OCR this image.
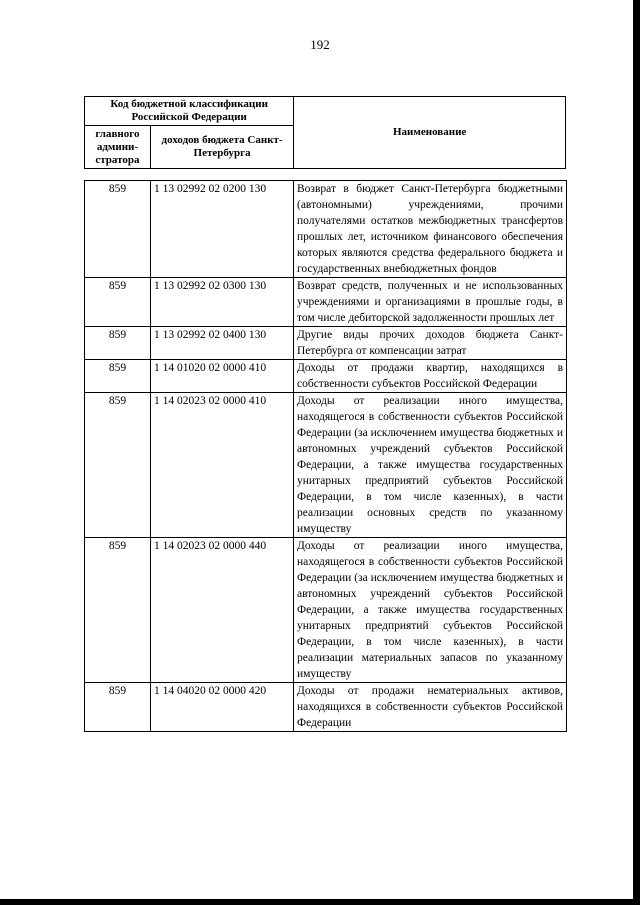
192
Код бюджетной классификации Российской Федерации		Наименование
главного админи-стратора	доходов бюджета Санкт-Петербурга	
859	1 13 02992 02 0200 130	Возврат в бюджет Санкт-Петербурга бюджетными (автономными) учреждениями, прочими получателями остатков межбюджетных трансфертов прошлых лет, источником финансового обеспечения которых являются средства федерального бюджета и государственных внебюджетных фондов
859	1 13 02992 02 0300 130	Возврат средств, полученных и не использованных учреждениями и организациями в прошлые годы, в том числе дебиторской задолженности прошлых лет
859	1 13 02992 02 0400 130	Другие виды прочих доходов бюджета Санкт-Петербурга от компенсации затрат
859	1 14 01020 02 0000 410	Доходы от продажи квартир, находящихся в собственности субъектов Российской Федерации
859	1 14 02023 02 0000 410	Доходы от реализации иного имущества, находящегося в собственности субъектов Российской Федерации (за исключением имущества бюджетных и автономных учреждений субъектов Российской Федерации, а также имущества государственных унитарных предприятий субъектов Российской Федерации, в том числе казенных), в части реализации основных средств по указанному имуществу
859	1 14 02023 02 0000 440	Доходы от реализации иного имущества, находящегося в собственности субъектов Российской Федерации (за исключением имущества бюджетных и автономных учреждений субъектов Российской Федерации, а также имущества государственных унитарных предприятий субъектов Российской Федерации, в том числе казенных), в части реализации материальных запасов по указанному имуществу
859	1 14 04020 02 0000 420	Доходы от продажи нематериальных активов, находящихся в собственности субъектов Российской Федерации
